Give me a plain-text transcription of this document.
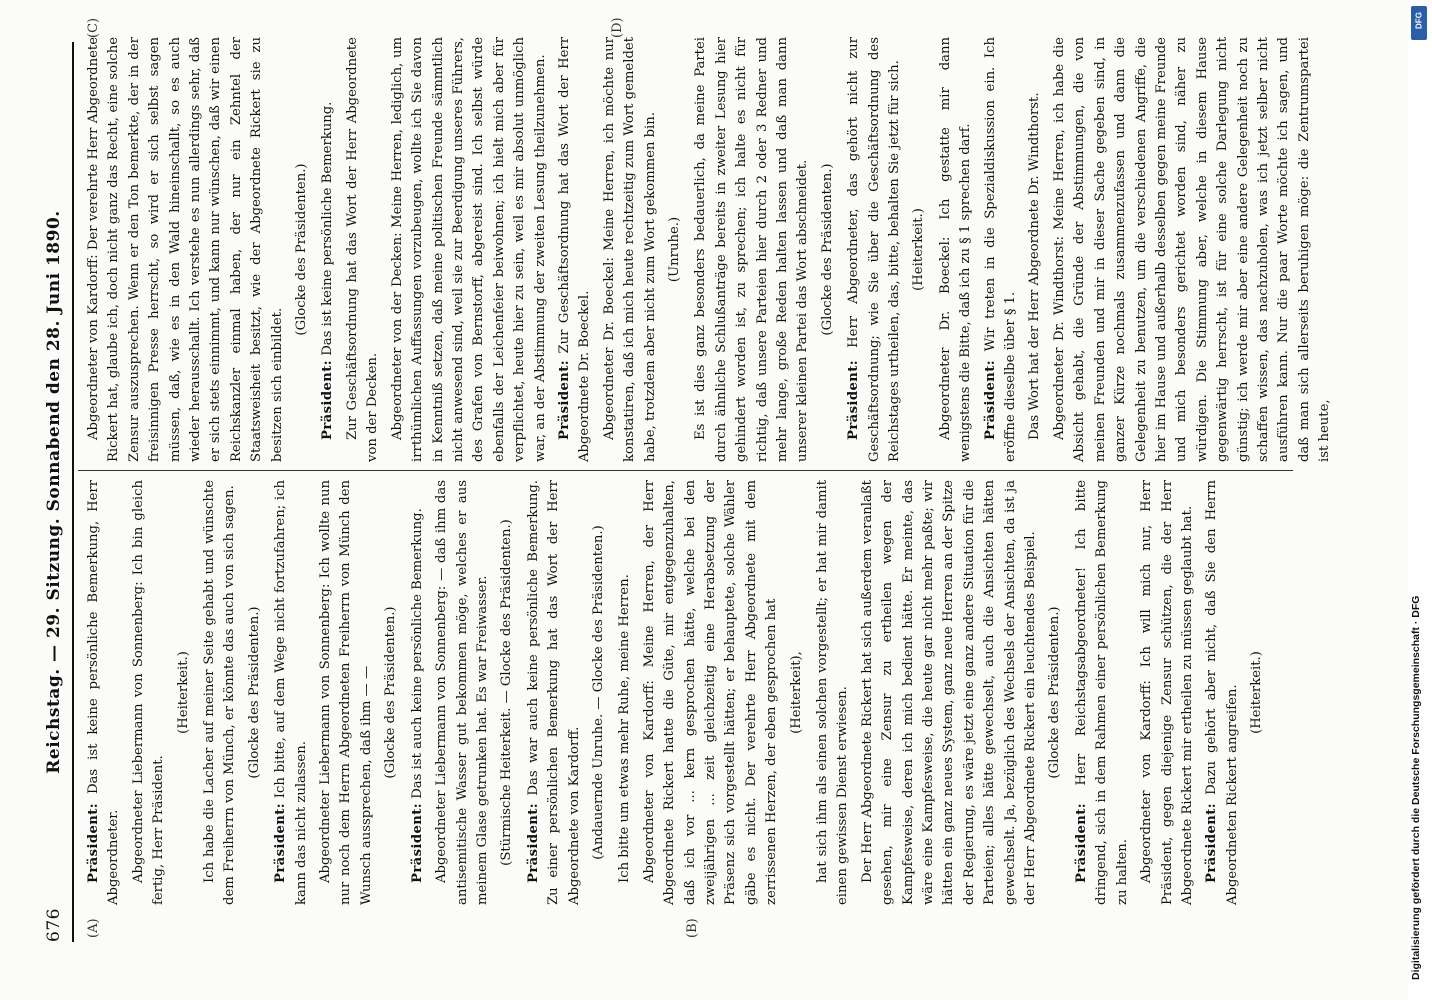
676
Reichstag. — 29. Sitzung. Sonnabend den 28. Juni 1890.
(A)	(B)
(C)	(D)

Präsident: Das ist keine persönliche Bemerkung, Herr Abgeordneter. Abgeordneter Liebermann von Sonnenberg: Ich bin gleich fertig, Herr Präsident.

(Heiterkeit.) Ich habe die Lacher auf meiner Seite gehabt und wünschte dem Freiherrn von Münch, er könnte das auch von sich sagen. (Glocke des Präsidenten.)

Präsident: Ich bitte, auf dem Wege nicht fortzufahren; ich kann das nicht zulassen. Abgeordneter Liebermann von Sonnenberg: Ich wollte nun nur noch dem Herrn Abgeordneten Freiherrn von Münch den Wunsch aussprechen, daß ihm — — (Glocke des Präsidenten.)

Präsident: Das ist auch keine persönliche Bemerkung. Abgeordneter Liebermann von Sonnenberg: — daß ihm das antisemitische Wasser gut bekommen möge, welches er aus meinem Glase getrunken hat. Es war Freiwasser. (Stürmische Heiterkeit. — Glocke des Präsidenten.) Präsident: Das war auch keine persönliche Bemerkung. Zu einer persönlichen Bemerkung hat das Wort der Herr Abgeordnete von Kardorff. (Andauernde Unruhe. — Glocke des Präsidenten.) Ich bitte um etwas mehr Ruhe, meine Herren. Abgeordneter von Kardorff: Meine Herren, der Herr Abgeordnete Rickert hatte die Güte, mir entgegenzuhalten, daß ich vor ... kern gesprochen hätte, welche bei den zweijährigen ... zeit gleichzeitig eine Herabsetzung der Präsenz sich vorgestellt hätten; er behauptete, solche Wähler gäbe es nicht. Der verehrte Herr Abgeordnete mit dem zerrissenen Herzen, der eben gesprochen hat (Heiterkeit), hat sich ihm als einen solchen vorgestellt; er hat mir damit einen gewissen Dienst erwiesen. Der Herr Abgeordnete Rickert hat sich außerdem veranlaßt gesehen, mir eine Zensur zu ertheilen wegen der Kampfesweise, deren ich mich bedient hätte. Er meinte, das wäre eine Kampfesweise, die heute gar nicht mehr paßte; wir hätten ein ganz neues System, ganz neue Herren an der Spitze der Regierung, es wäre jetzt eine ganz andere Situation für die Parteien; alles hätte gewechselt, auch die Ansichten hätten gewechselt. Ja, bezüglich des Wechsels der Ansichten, da ist ja der Herr Abgeordnete Rickert ein leuchtendes Beispiel. (Glocke des Präsidenten.)

Präsident: Herr Reichstagsabgeordneter! Ich bitte dringend, sich in dem Rahmen einer persönlichen Bemerkung zu halten. Abgeordneter von Kardorff: Ich will mich nur, Herr Präsident, gegen diejenige Zensur schützen, die der Herr Abgeordnete Rickert mir ertheilen zu müssen geglaubt hat. Präsident: Dazu gehört aber nicht, daß Sie den Herrn Abgeordneten Rickert angreifen. (Heiterkeit.)

Abgeordneter von Kardorff: Der verehrte Herr Abgeordnete Rickert hat, glaube ich, doch nicht ganz das Recht, eine solche Zensur auszusprechen. Wenn er den Ton bemerkte, der in der freisinnigen Presse herrscht, so wird er sich selbst sagen müssen, daß, wie es in den Wald hineinschallt, so es auch wieder herausschallt. Ich verstehe es nun allerdings sehr, daß er sich stets einnimmt, und kann nur wünschen, daß wir einen Reichskanzler einmal haben, der nur ein Zehntel der Staatsweisheit besitzt, wie der Abgeordnete Rickert sie zu besitzen sich einbildet.

(Glocke des Präsidenten.)

Präsident: Das ist keine persönliche Bemerkung. Zur Geschäftsordnung hat das Wort der Herr Abgeordnete von der Decken. Abgeordneter von der Decken: Meine Herren, lediglich, um irrthümlichen Auffassungen vorzubeugen, wollte ich Sie davon in Kenntniß setzen, daß meine politischen Freunde sämmtlich nicht anwesend sind, weil sie zur Beerdigung unseres Führers, des Grafen von Bernstorff, abgereist sind. Ich selbst würde ebenfalls der Leichenfeier beiwohnen; ich hielt mich aber für verpflichtet, heute hier zu sein, weil es mir absolut unmöglich war, an der Abstimmung der zweiten Lesung theilzunehmen. Präsident: Zur Geschäftsordnung hat das Wort der Herr Abgeordnete Dr. Boeckel. Abgeordneter Dr. Boeckel: Meine Herren, ich möchte nur konstatiren, daß ich mich heute rechtzeitig zum Wort gemeldet habe, trotzdem aber nicht zum Wort gekommen bin. (Unruhe.) Es ist dies ganz besonders bedauerlich, da meine Partei durch ähnliche Schlußanträge bereits in zweiter Lesung hier gehindert worden ist, zu sprechen; ich halte es nicht für richtig, daß unsere Parteien hier durch 2 oder 3 Redner und mehr lange, große Reden halten lassen und daß man dann unserer kleinen Partei das Wort abschneidet. (Glocke des Präsidenten.)

Präsident: Herr Abgeordneter, das gehört nicht zur Geschäftsordnung; wie Sie über die Geschäftsordnung des Reichstages urtheilen, das, bitte, behalten Sie jetzt für sich. (Heiterkeit.) Abgeordneter Dr. Boeckel: Ich gestatte mir dann wenigstens die Bitte, daß ich zu § 1 sprechen darf. Präsident: Wir treten in die Spezialdiskussion ein. Ich eröffne dieselbe über § 1. Das Wort hat der Herr Abgeordnete Dr. Windthorst. Abgeordneter Dr. Windthorst: Meine Herren, ich habe die Absicht gehabt, die Gründe der Abstimmungen, die von meinen Freunden und mir in dieser Sache gegeben sind, in ganzer Kürze nochmals zusammenzufassen und dann die Gelegenheit zu benutzen, um die verschiedenen Angriffe, die hier im Hause und außerhalb desselben gegen meine Freunde und mich besonders gerichtet worden sind, näher zu würdigen. Die Stimmung aber, welche in diesem Hause gegenwärtig herrscht, ist für eine solche Darlegung nicht günstig; ich werde mir aber eine andere Gelegenheit noch zu schaffen wissen, das nachzuholen, was ich jetzt selber nicht ausführen kann. Nur die paar Worte möchte ich sagen, und daß man sich allerseits beruhigen möge: die Zentrumspartei ist heute,

Digitalisierung gefördert durch die Deutsche Forschungsgemeinschaft · DFG
DFG
